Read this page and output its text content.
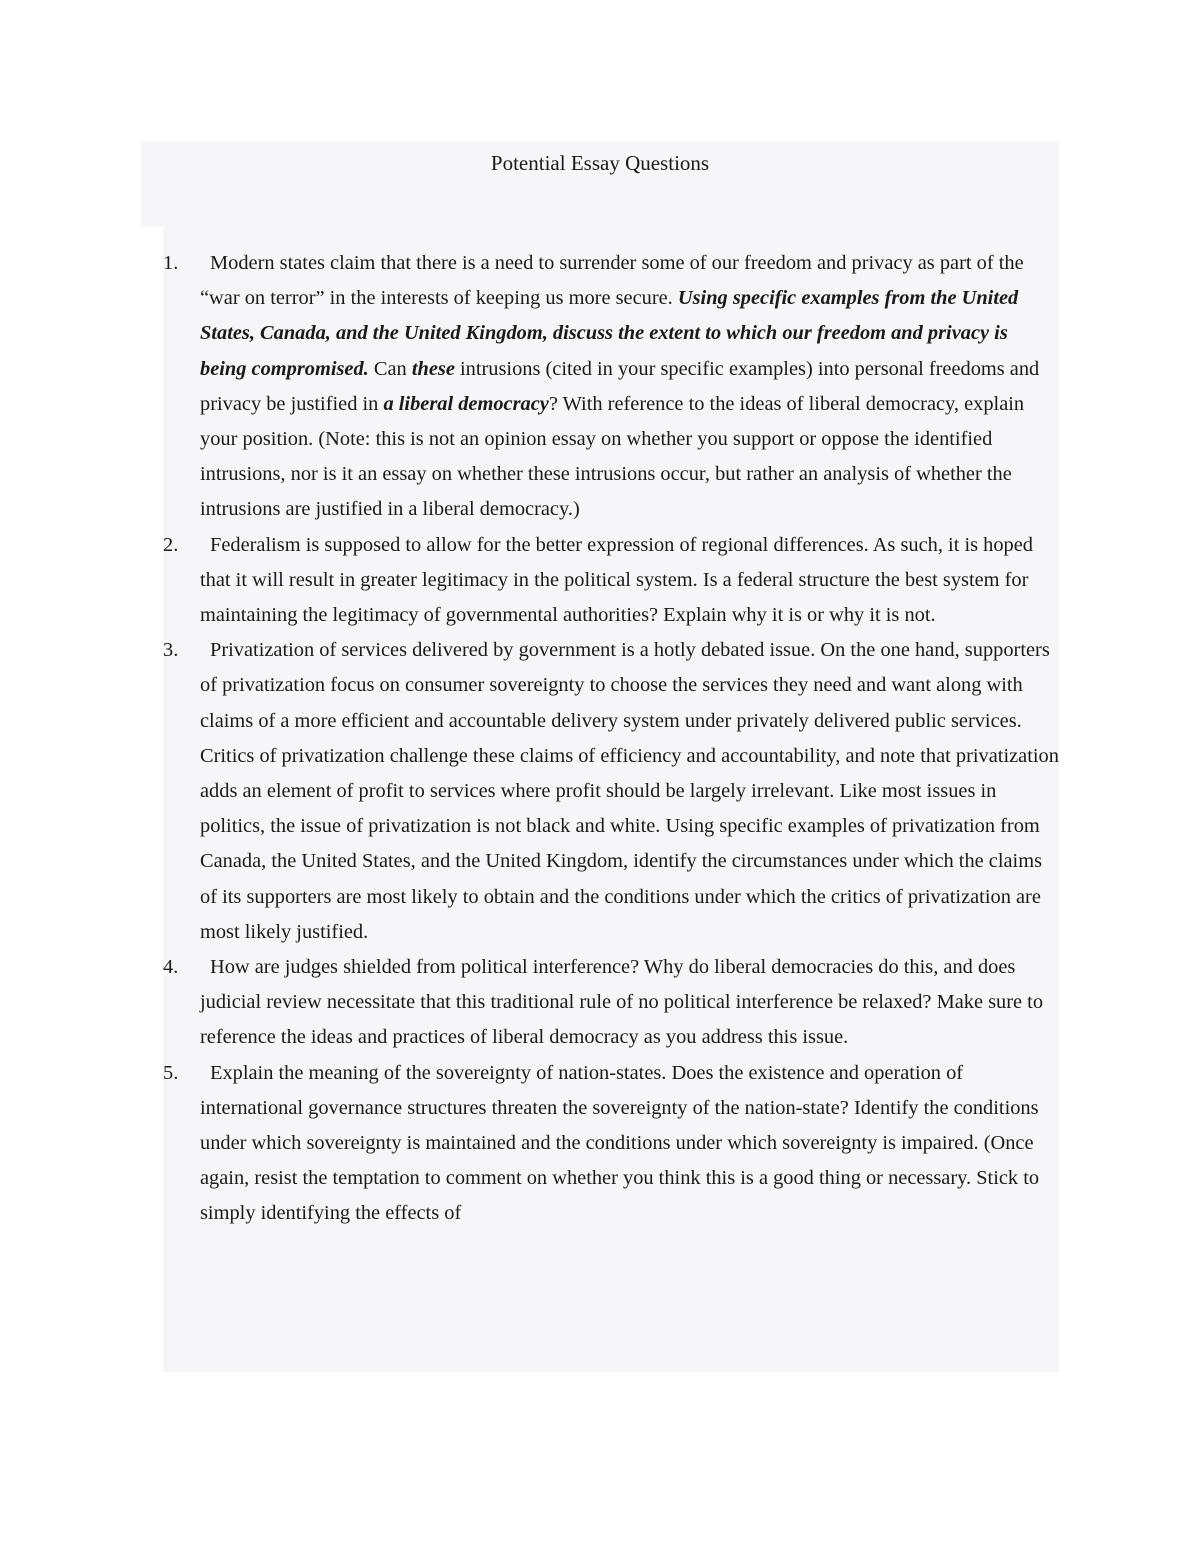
Potential Essay Questions
1.	Modern states claim that there is a need to surrender some of our freedom and privacy as part of the “war on terror” in the interests of keeping us more secure. Using specific examples from the United States, Canada, and the United Kingdom, discuss the extent to which our freedom and privacy is being compromised. Can these intrusions (cited in your specific examples) into personal freedoms and privacy be justified in a liberal democracy? With reference to the ideas of liberal democracy, explain your position. (Note: this is not an opinion essay on whether you support or oppose the identified intrusions, nor is it an essay on whether these intrusions occur, but rather an analysis of whether the intrusions are justified in a liberal democracy.)
2.	Federalism is supposed to allow for the better expression of regional differences. As such, it is hoped that it will result in greater legitimacy in the political system. Is a federal structure the best system for maintaining the legitimacy of governmental authorities? Explain why it is or why it is not.
3.	Privatization of services delivered by government is a hotly debated issue. On the one hand, supporters of privatization focus on consumer sovereignty to choose the services they need and want along with claims of a more efficient and accountable delivery system under privately delivered public services. Critics of privatization challenge these claims of efficiency and accountability, and note that privatization adds an element of profit to services where profit should be largely irrelevant. Like most issues in politics, the issue of privatization is not black and white. Using specific examples of privatization from Canada, the United States, and the United Kingdom, identify the circumstances under which the claims of its supporters are most likely to obtain and the conditions under which the critics of privatization are most likely justified.
4.	How are judges shielded from political interference? Why do liberal democracies do this, and does judicial review necessitate that this traditional rule of no political interference be relaxed? Make sure to reference the ideas and practices of liberal democracy as you address this issue.
5.	Explain the meaning of the sovereignty of nation-states. Does the existence and operation of international governance structures threaten the sovereignty of the nation-state? Identify the conditions under which sovereignty is maintained and the conditions under which sovereignty is impaired. (Once again, resist the temptation to comment on whether you think this is a good thing or necessary. Stick to simply identifying the effects of
